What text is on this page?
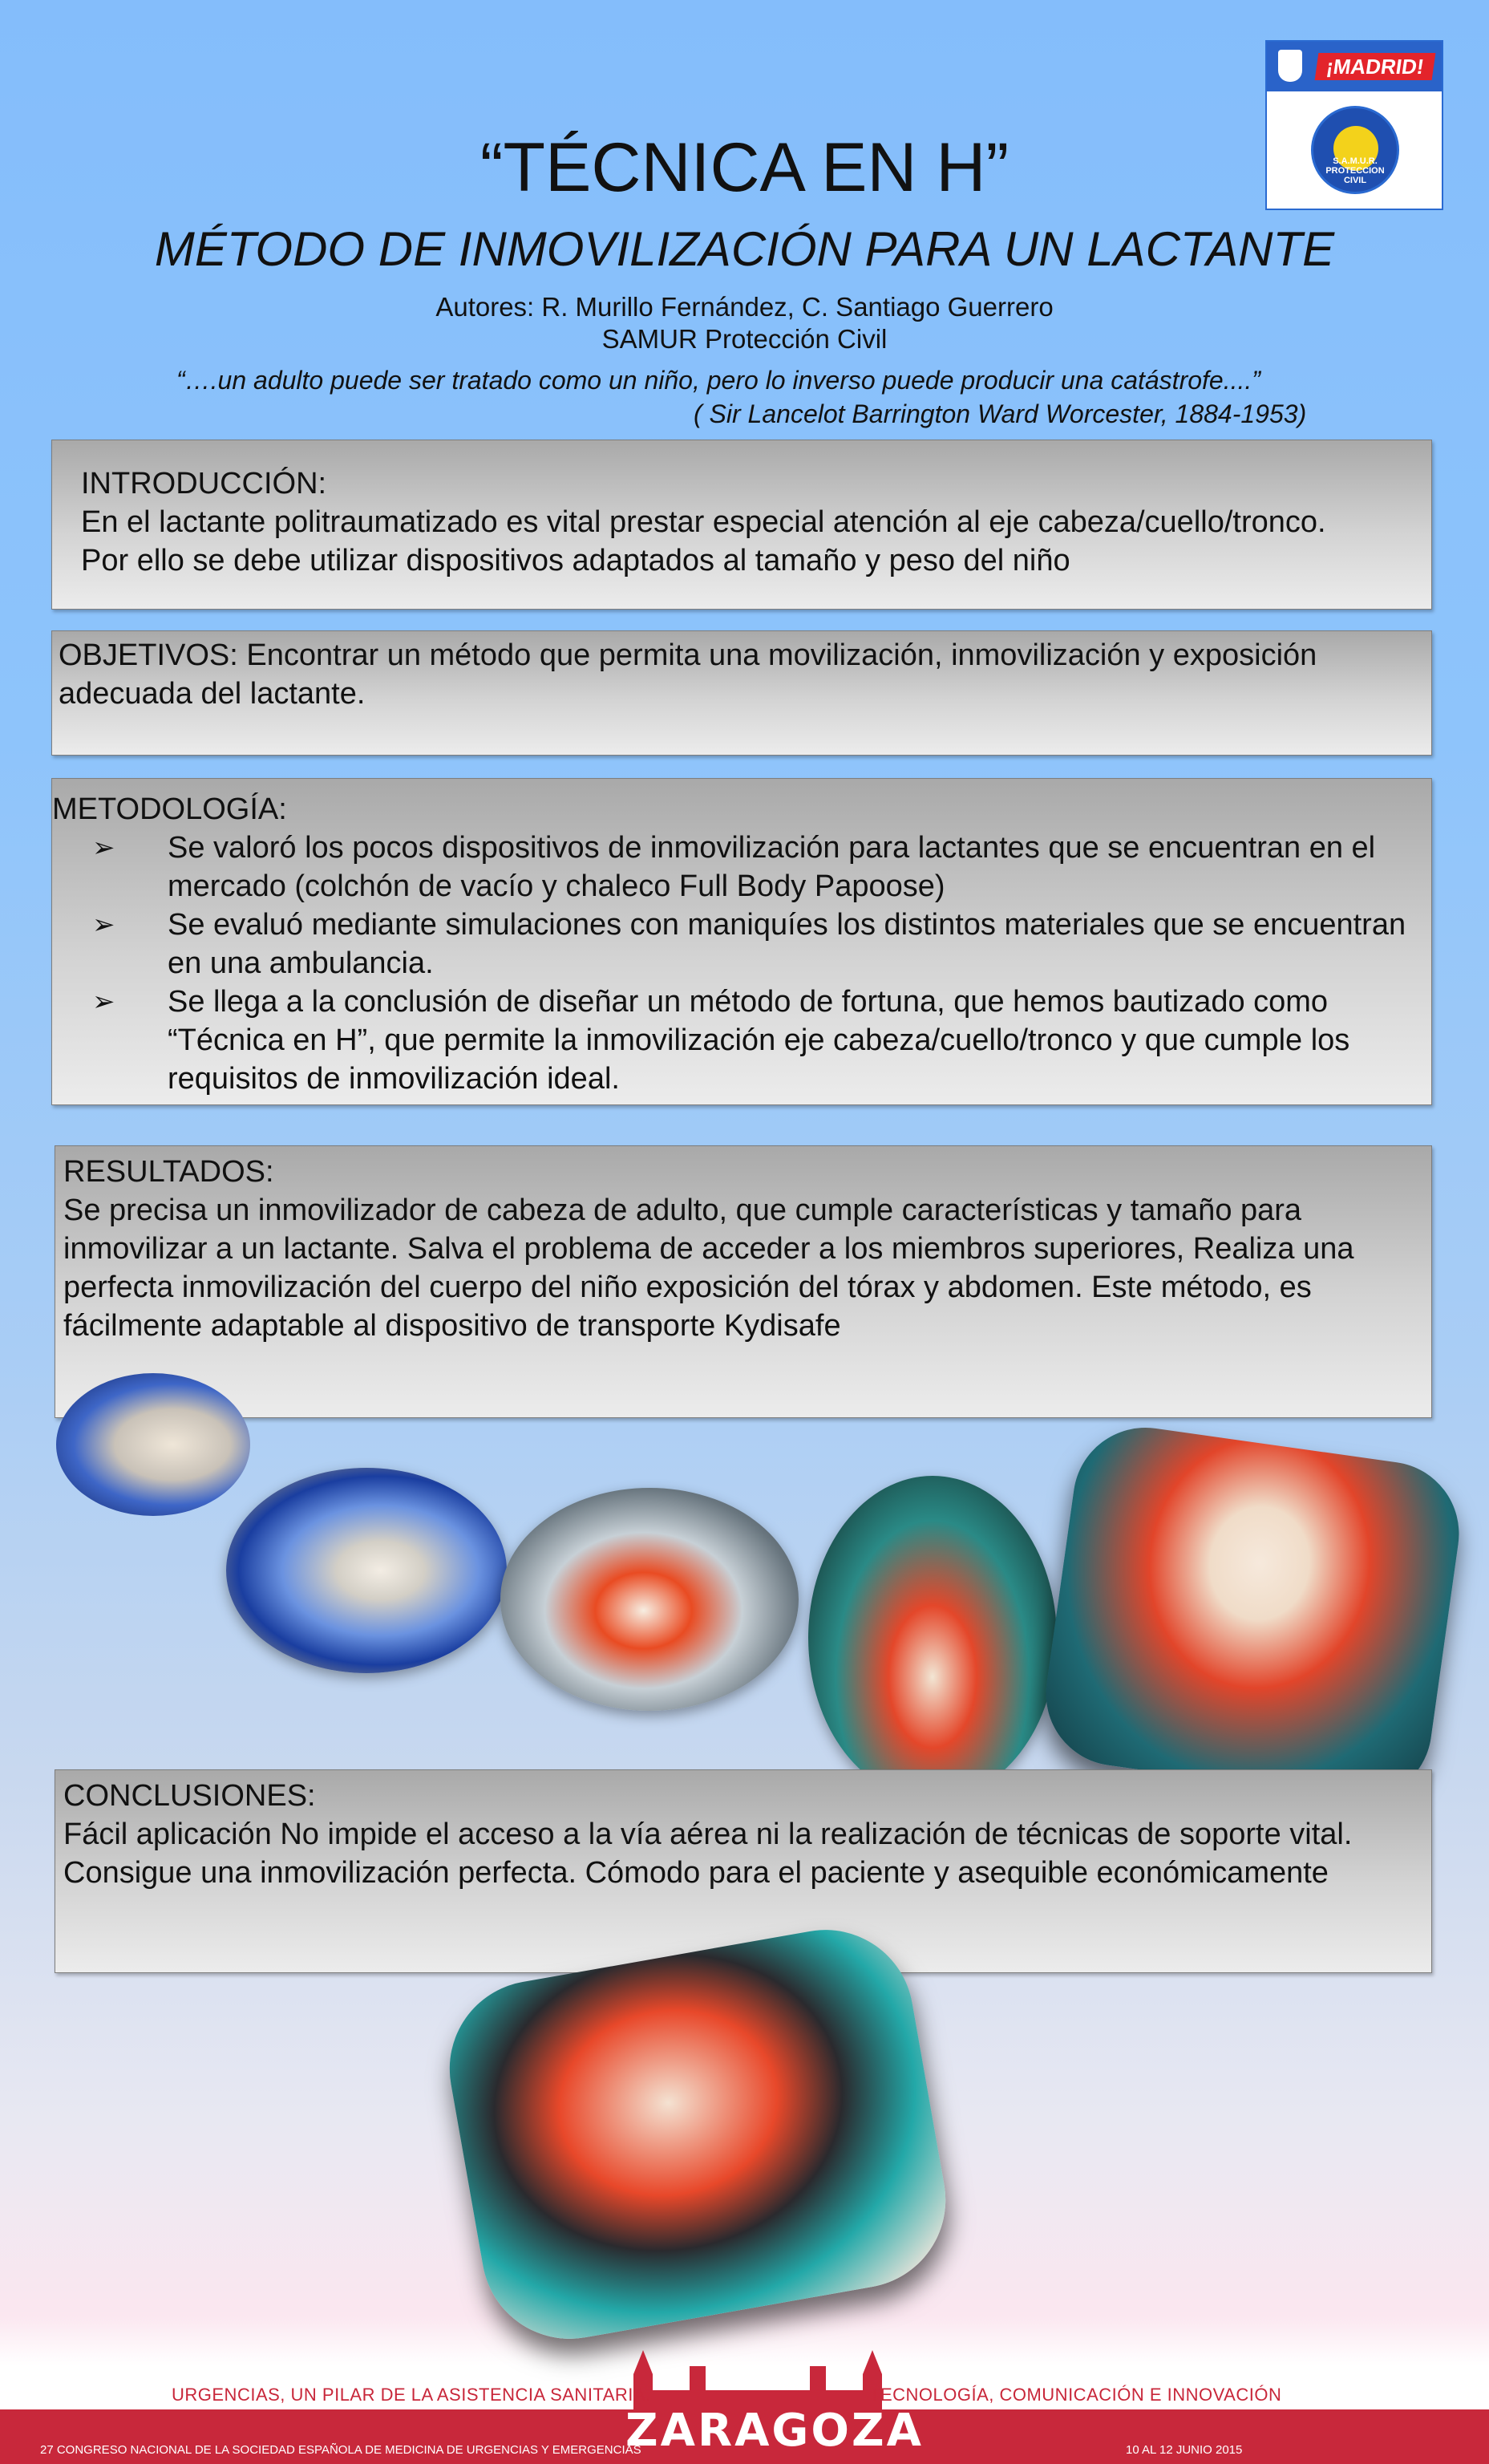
¡MADRID!
S.A.M.U.R. PROTECCION CIVIL
“TÉCNICA EN H”
MÉTODO DE INMOVILIZACIÓN PARA UN LACTANTE
Autores: R. Murillo Fernández, C. Santiago Guerrero
SAMUR Protección Civil
“….un adulto puede ser tratado como un niño, pero lo inverso puede producir una catástrofe....”
( Sir Lancelot Barrington Ward Worcester, 1884-1953)
INTRODUCCIÓN:
En el lactante politraumatizado es vital prestar especial atención al eje cabeza/cuello/tronco.
Por ello se debe utilizar dispositivos adaptados al tamaño y peso del niño
OBJETIVOS: Encontrar un método que permita una movilización, inmovilización y exposición adecuada del lactante.
METODOLOGÍA:
➢ Se valoró los pocos dispositivos de inmovilización para lactantes que se encuentran en el mercado (colchón de vacío y chaleco Full Body Papoose)
➢ Se evaluó mediante simulaciones con maniquíes los distintos materiales que se encuentran en una ambulancia.
➢ Se llega a la conclusión de diseñar un método de fortuna, que hemos bautizado como “Técnica en H”, que permite la inmovilización eje cabeza/cuello/tronco y que cumple los requisitos de inmovilización ideal.
RESULTADOS:
Se precisa un inmovilizador de cabeza de adulto, que cumple características y tamaño para inmovilizar a un lactante. Salva el problema de acceder a los miembros superiores, Realiza una perfecta inmovilización del cuerpo del niño exposición del tórax y abdomen. Este método, es fácilmente adaptable al dispositivo de transporte Kydisafe
CONCLUSIONES:
Fácil aplicación No impide el acceso a la vía aérea ni la realización de técnicas de soporte vital. Consigue una inmovilización perfecta. Cómodo para el paciente y asequible económicamente
URGENCIAS, UN PILAR DE LA ASISTENCIA SANITARIA.	TECNOLOGÍA, COMUNICACIÓN E INNOVACIÓN
ZARAGOZA
27 CONGRESO NACIONAL DE LA SOCIEDAD ESPAÑOLA DE MEDICINA DE URGENCIAS Y EMERGENCIAS	10 AL 12 JUNIO 2015
